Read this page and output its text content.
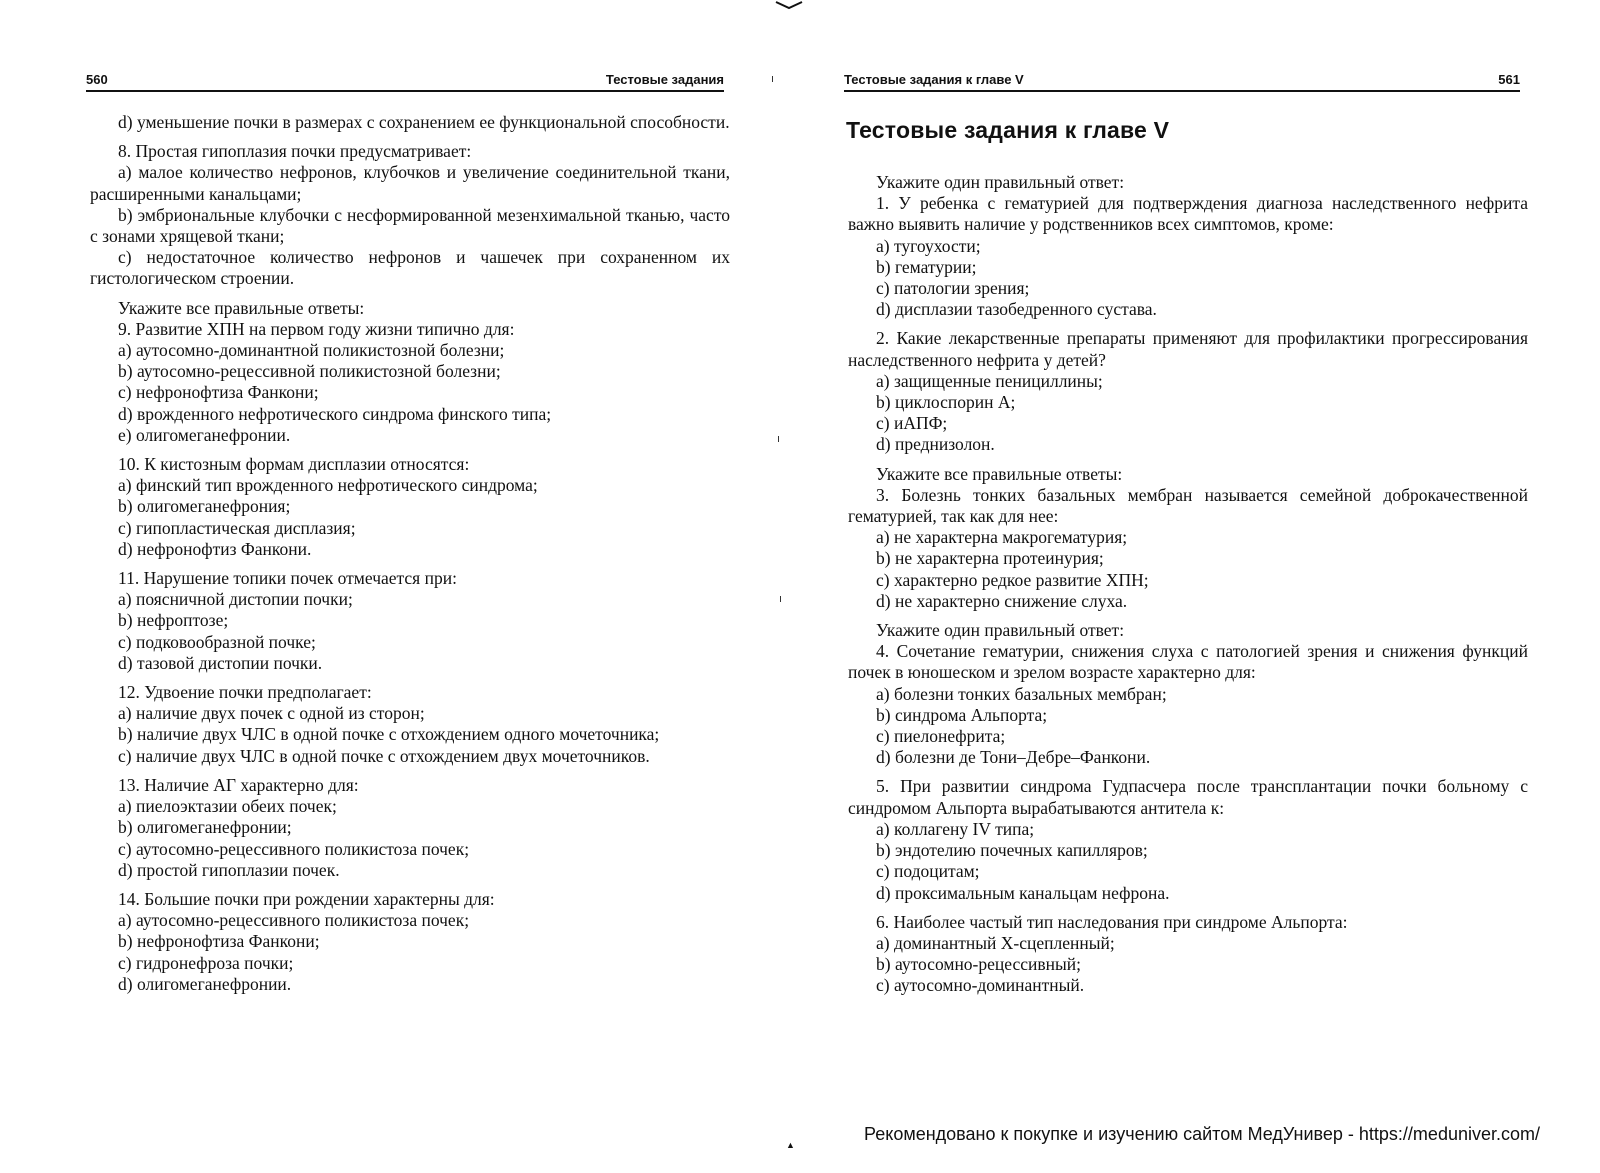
560	Тестовые задания
d) уменьшение почки в размерах с сохранением ее функциональной способности.
8. Простая гипоплазия почки предусматривает:
a) малое количество нефронов, клубочков и увеличение соединительной ткани, расширенными канальцами;
b) эмбриональные клубочки с несформированной мезенхимальной тканью, часто с зонами хрящевой ткани;
c) недостаточное количество нефронов и чашечек при сохраненном их гистологическом строении.
Укажите все правильные ответы:
9. Развитие ХПН на первом году жизни типично для:
a) аутосомно-доминантной поликистозной болезни;
b) аутосомно-рецессивной поликистозной болезни;
c) нефронофтиза Фанкони;
d) врожденного нефротического синдрома финского типа;
e) олигомеганефронии.
10. К кистозным формам дисплазии относятся:
a) финский тип врожденного нефротического синдрома;
b) олигомеганефрония;
c) гипопластическая дисплазия;
d) нефронофтиз Фанкони.
11. Нарушение топики почек отмечается при:
a) поясничной дистопии почки;
b) нефроптозе;
c) подковообразной почке;
d) тазовой дистопии почки.
12. Удвоение почки предполагает:
a) наличие двух почек с одной из сторон;
b) наличие двух ЧЛС в одной почке с отхождением одного мочеточника;
c) наличие двух ЧЛС в одной почке с отхождением двух мочеточников.
13. Наличие АГ характерно для:
a) пиелоэктазии обеих почек;
b) олигомеганефронии;
c) аутосомно-рецессивного поликистоза почек;
d) простой гипоплазии почек.
14. Большие почки при рождении характерны для:
a) аутосомно-рецессивного поликистоза почек;
b) нефронофтиза Фанкони;
c) гидронефроза почки;
d) олигомеганефронии.
Тестовые задания к главе V	561
Тестовые задания к главе V
Укажите один правильный ответ:
1. У ребенка с гематурией для подтверждения диагноза наследственного нефрита важно выявить наличие у родственников всех симптомов, кроме:
a) тугоухости;
b) гематурии;
c) патологии зрения;
d) дисплазии тазобедренного сустава.
2. Какие лекарственные препараты применяют для профилактики прогрессирования наследственного нефрита у детей?
a) защищенные пенициллины;
b) циклоспорин А;
c) иАПФ;
d) преднизолон.
Укажите все правильные ответы:
3. Болезнь тонких базальных мембран называется семейной доброкачественной гематурией, так как для нее:
a) не характерна макрогематурия;
b) не характерна протеинурия;
c) характерно редкое развитие ХПН;
d) не характерно снижение слуха.
Укажите один правильный ответ:
4. Сочетание гематурии, снижения слуха с патологией зрения и снижения функций почек в юношеском и зрелом возрасте характерно для:
a) болезни тонких базальных мембран;
b) синдрома Альпорта;
c) пиелонефрита;
d) болезни де Тони–Дебре–Фанкони.
5. При развитии синдрома Гудпасчера после трансплантации почки больному с синдромом Альпорта вырабатываются антитела к:
a) коллагену IV типа;
b) эндотелию почечных капилляров;
c) подоцитам;
d) проксимальным канальцам нефрона.
6. Наиболее частый тип наследования при синдроме Альпорта:
a) доминантный Х-сцепленный;
b) аутосомно-рецессивный;
c) аутосомно-доминантный.
▲
Рекомендовано к покупке и изучению сайтом МедУнивер - https://meduniver.com/
